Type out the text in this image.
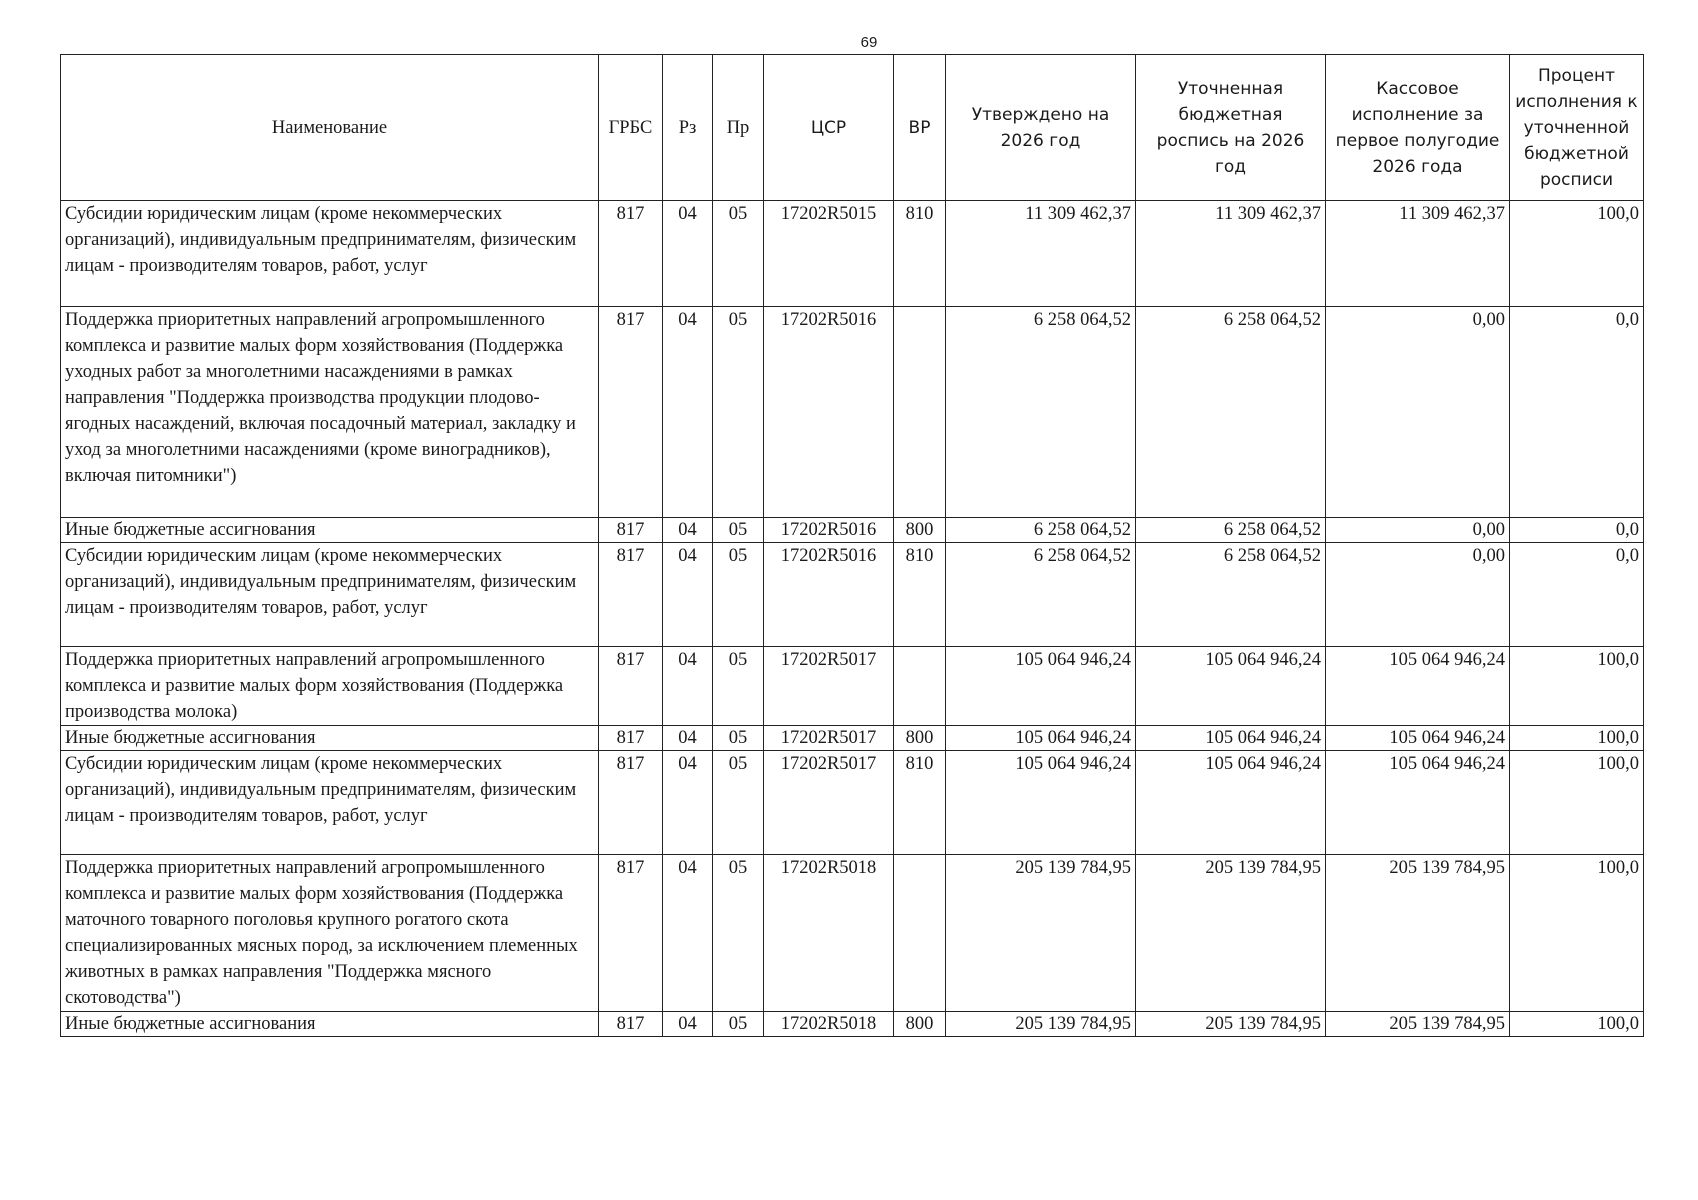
69
Наименование	ГРБС	Рз	Пр	ЦСР	ВР	Утверждено на 2026 год	Уточненная бюджетная роспись на 2026 год	Кассовое исполнение за первое полугодие 2026 года	Процент исполнения к уточненной бюджетной росписи
Субсидии юридическим лицам (кроме некоммерческих организаций), индивидуальным предпринимателям, физическим лицам - производителям товаров, работ, услуг	817	04	05	17202R5015	810	11 309 462,37	11 309 462,37	11 309 462,37	100,0
Поддержка приоритетных направлений агропромышленного комплекса и развитие малых форм хозяйствования (Поддержка уходных работ за многолетними насаждениями в рамках направления "Поддержка производства продукции плодово-ягодных насаждений, включая посадочный материал, закладку и уход за многолетними насаждениями (кроме виноградников), включая питомники")	817	04	05	17202R5016		6 258 064,52	6 258 064,52	0,00	0,0
Иные бюджетные ассигнования	817	04	05	17202R5016	800	6 258 064,52	6 258 064,52	0,00	0,0
Субсидии юридическим лицам (кроме некоммерческих организаций), индивидуальным предпринимателям, физическим лицам - производителям товаров, работ, услуг	817	04	05	17202R5016	810	6 258 064,52	6 258 064,52	0,00	0,0
Поддержка приоритетных направлений агропромышленного комплекса и развитие малых форм хозяйствования (Поддержка производства молока)	817	04	05	17202R5017		105 064 946,24	105 064 946,24	105 064 946,24	100,0
Иные бюджетные ассигнования	817	04	05	17202R5017	800	105 064 946,24	105 064 946,24	105 064 946,24	100,0
Субсидии юридическим лицам (кроме некоммерческих организаций), индивидуальным предпринимателям, физическим лицам - производителям товаров, работ, услуг	817	04	05	17202R5017	810	105 064 946,24	105 064 946,24	105 064 946,24	100,0
Поддержка приоритетных направлений агропромышленного комплекса и развитие малых форм хозяйствования (Поддержка маточного товарного поголовья крупного рогатого скота специализированных мясных пород, за исключением племенных животных в рамках направления "Поддержка мясного скотоводства")	817	04	05	17202R5018		205 139 784,95	205 139 784,95	205 139 784,95	100,0
Иные бюджетные ассигнования	817	04	05	17202R5018	800	205 139 784,95	205 139 784,95	205 139 784,95	100,0
